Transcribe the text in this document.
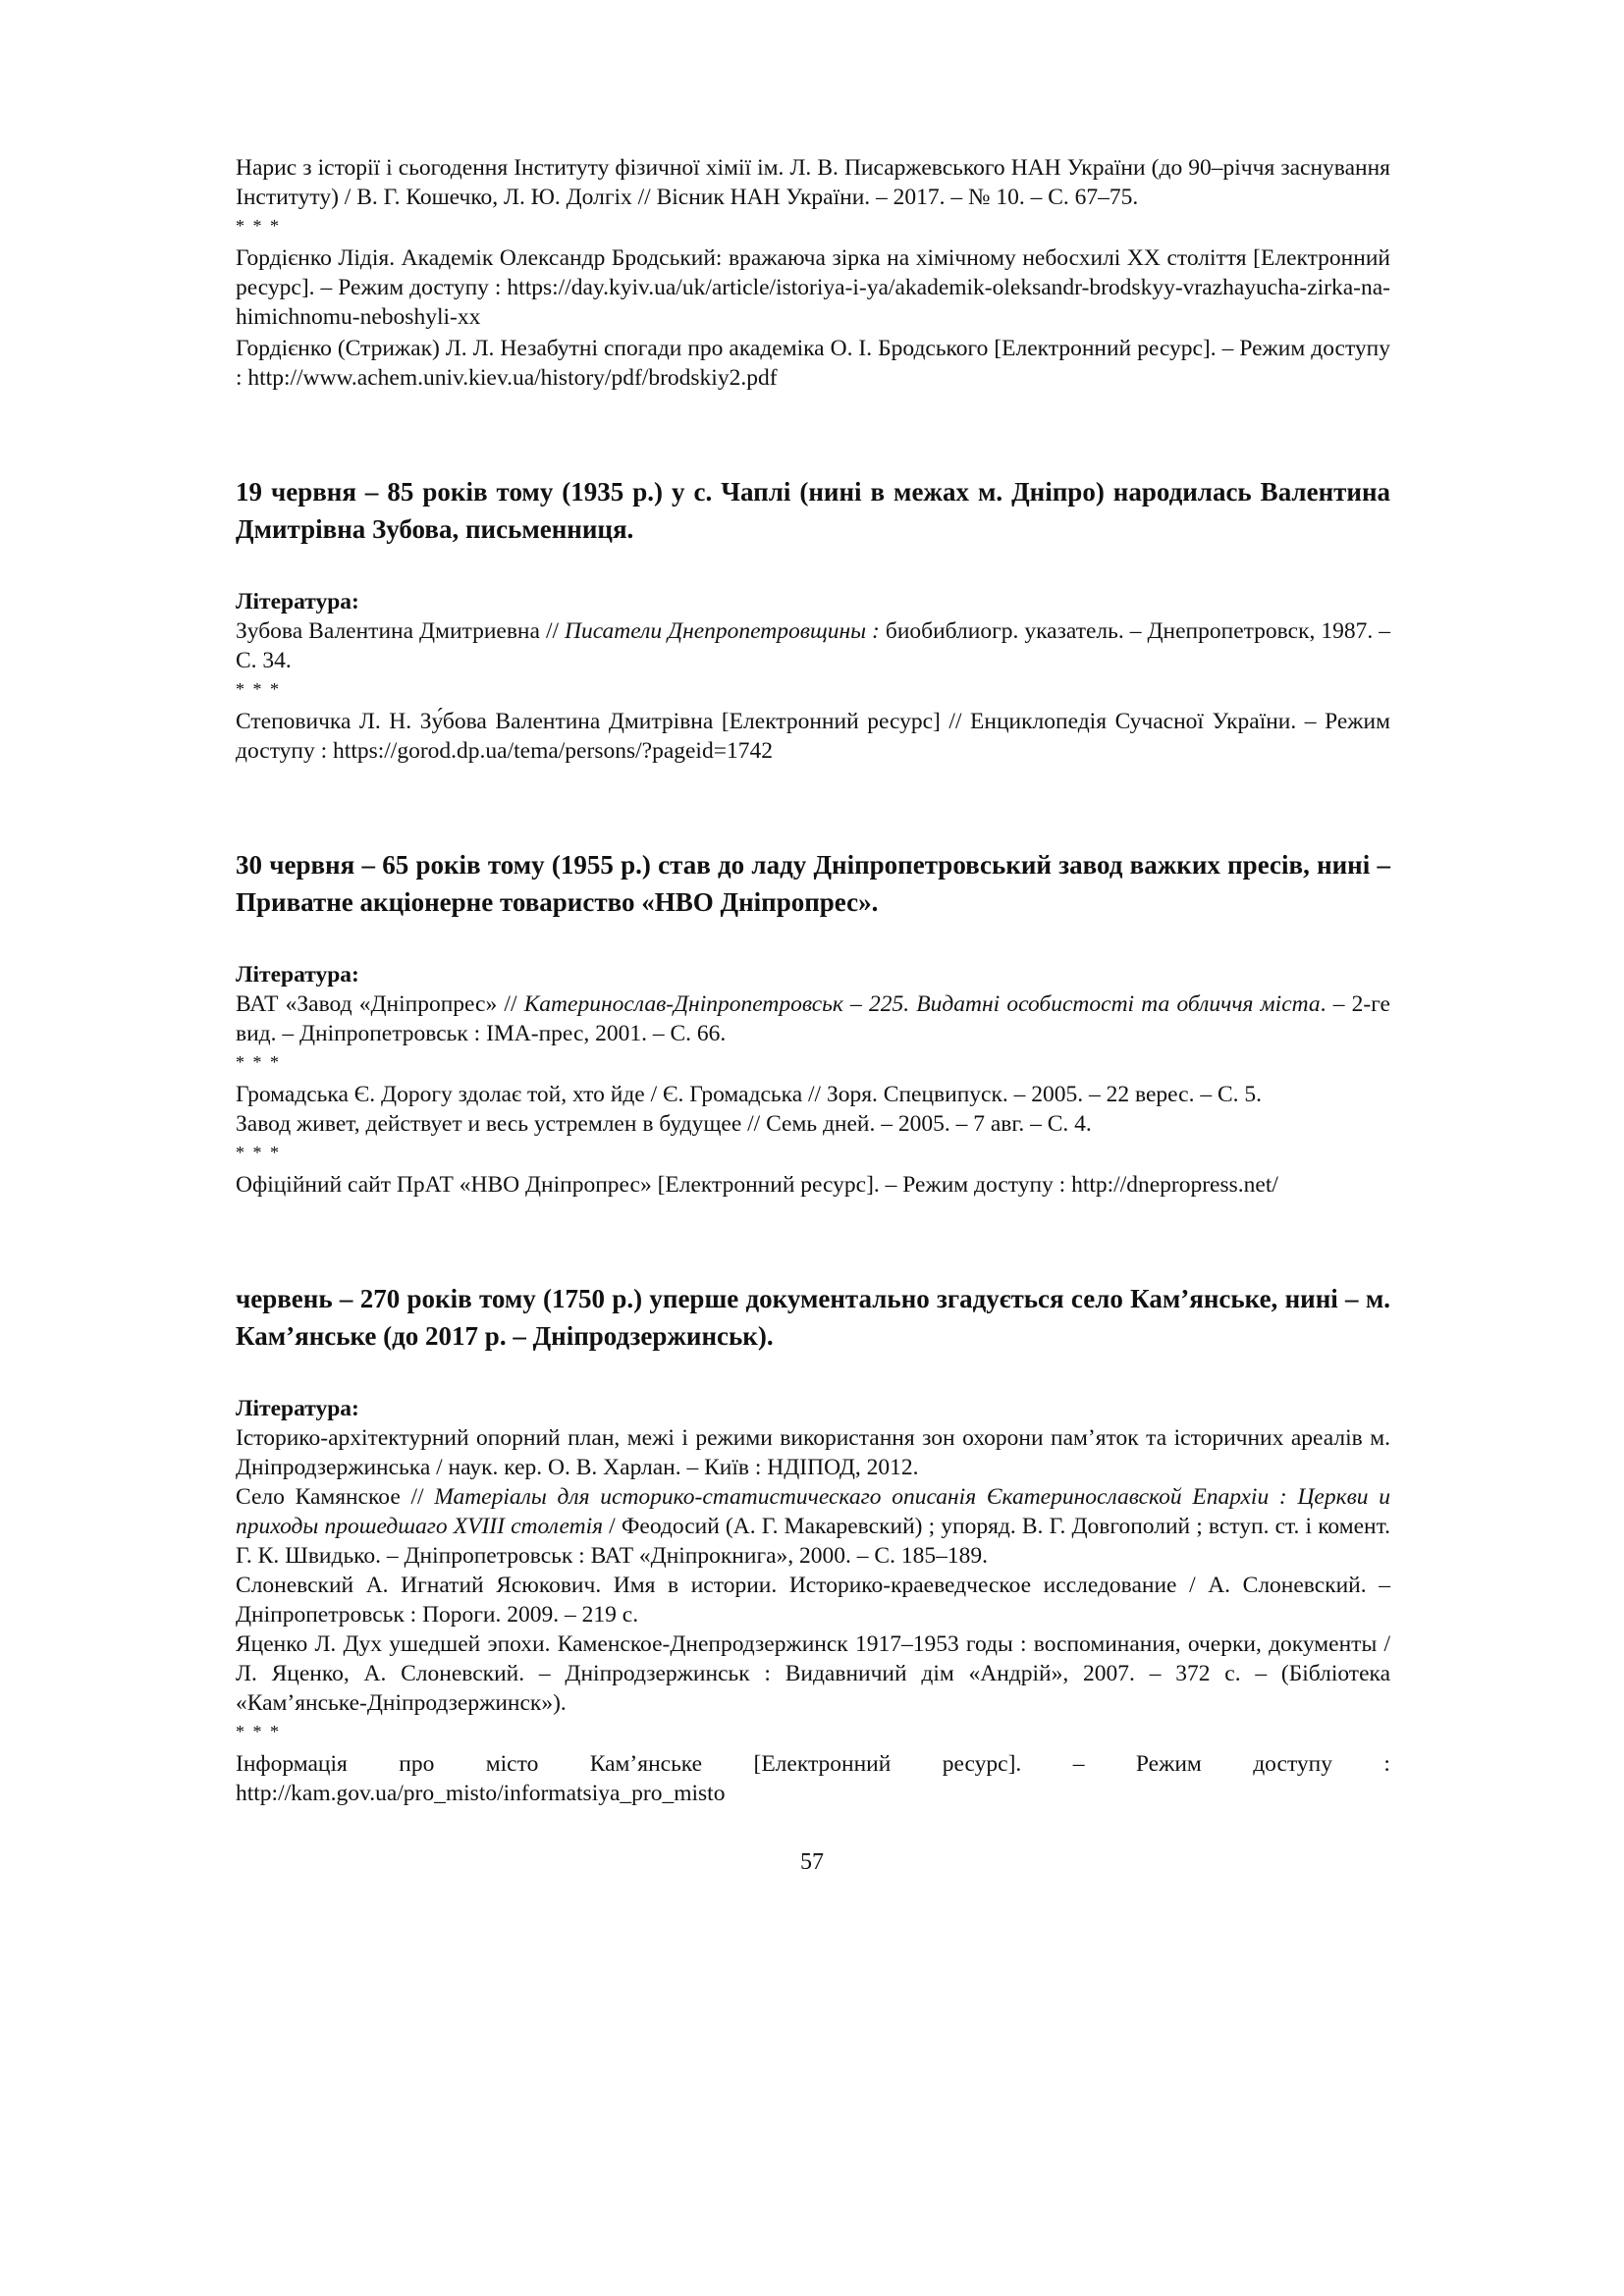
Нарис з історії і сьогодення Інституту фізичної хімії ім. Л. В. Писаржевського НАН України (до 90–річчя заснування Інституту) / В. Г. Кошечко, Л. Ю. Долгіх // Вісник НАН України. – 2017. – № 10. – С. 67–75.

* * *

Гордієнко Лідія. Академік Олександр Бродський: вражаюча зірка на хімічному небосхилі XX століття [Електронний ресурс]. – Режим доступу : https://day.kyiv.ua/uk/article/istoriya-i-ya/akademik-oleksandr-brodskyy-vrazhayucha-zirka-na-himichnomu-neboshyli-xx

Гордієнко (Стрижак) Л. Л. Незабутні спогади про академіка О. І. Бродського [Електронний ресурс]. – Режим доступу : http://www.achem.univ.kiev.ua/history/pdf/brodskiy2.pdf

19 червня – 85 років тому (1935 р.) у с. Чаплі (нині в межах м. Дніпро) народилась Валентина Дмитрівна Зубова, письменниця.

Література:

Зубова Валентина Дмитриевна // Писатели Днепропетровщины : биобиблиогр. указатель. – Днепропетровск, 1987. – С. 34.

* * *

Степовичка Л. Н. Зу́бова Валентина Дмитрівна [Електронний ресурс] // Енциклопедія Сучасної України. – Режим доступу : https://gorod.dp.ua/tema/persons/?pageid=1742

30 червня – 65 років тому (1955 р.) став до ладу Дніпропетровський завод важких пресів, нині – Приватне акціонерне товариство «НВО Дніпропрес».

Література:

ВАТ «Завод «Дніпропрес» // Катеринослав-Дніпропетровськ – 225. Видатні особистості та обличчя міста. – 2-ге вид. – Дніпропетровськ : ІМА-прес, 2001. – С. 66.

* * *

Громадська Є. Дорогу здолає той, хто йде / Є. Громадська // Зоря. Спецвипуск. – 2005. – 22 верес. – С. 5.

Завод живет, действует и весь устремлен в будущее // Семь дней. – 2005. – 7 авг. – С. 4.

* * *

Офіційний сайт ПрАТ «НВО Дніпропрес» [Електронний ресурс]. – Режим доступу : http://dnepropress.net/

червень – 270 років тому (1750 р.) уперше документально згадується село Кам’янське, нині – м. Кам’янське (до 2017 р. – Дніпродзержинськ).

Література:

Історико-архітектурний опорний план, межі і режими використання зон охорони пам’яток та історичних ареалів м. Дніпродзержинська / наук. кер. О. В. Харлан. – Київ : НДІПОД, 2012.

Село Камянское // Матеріалы для историко-статистическаго описанія Єкатеринославской Епархіи : Церкви и приходы прошедшаго XVIII столетія / Феодосий (А. Г. Макаревский) ; упоряд. В. Г. Довгополий ; вступ. ст. і комент. Г. К. Швидько. – Дніпропетровськ : ВАТ «Дніпрокнига», 2000. – С. 185–189.

Слоневский А. Игнатий Ясюкович. Имя в истории. Историко-краеведческое исследование / А. Слоневский. – Дніпропетровськ : Пороги. 2009. – 219 с.

Яценко Л. Дух ушедшей эпохи. Каменское-Днепродзержинск 1917–1953 годы : воспоминания, очерки, документы / Л. Яценко, А. Слоневский. – Дніпродзержинськ : Видавничий дім «Андрій», 2007. – 372 с. – (Бібліотека «Кам’янське-Дніпродзержинск»).

* * *

Інформація про місто Кам’янське [Електронний ресурс]. – Режим доступу :

http://kam.gov.ua/pro_misto/informatsiya_pro_misto

57
